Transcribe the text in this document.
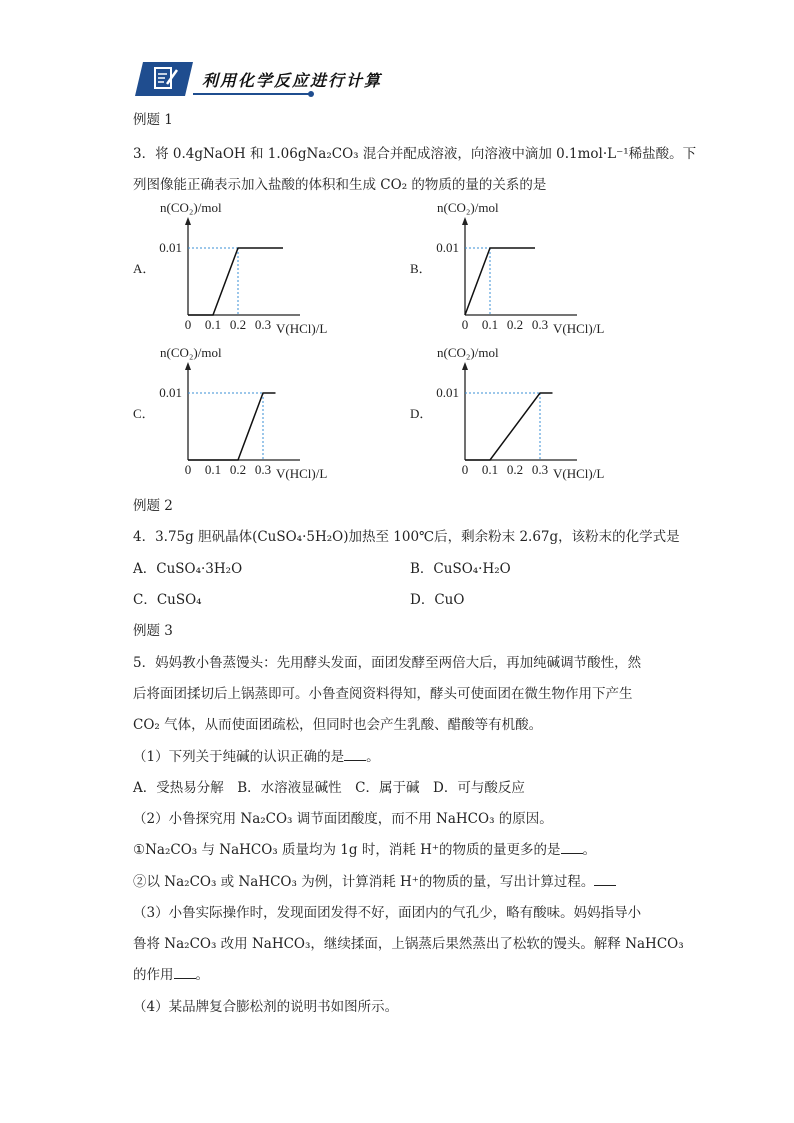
利用化学反应进行计算
例题 1
3．将 0.4gNaOH 和 1.06gNa₂CO₃ 混合并配成溶液，向溶液中滴加 0.1mol·L⁻¹稀盐酸。下
列图像能正确表示加入盐酸的体积和生成 CO₂ 的物质的量的关系的是
A．
n(CO₂)/mol
V(HCl)/L
0 0.1 0.2 0.3
0.01
B．
n(CO₂)/mol
V(HCl)/L
0 0.1 0.2 0.3
0.01
C．
n(CO₂)/mol
V(HCl)/L
0 0.1 0.2 0.3
0.01
D．
n(CO₂)/mol
V(HCl)/L
0 0.1 0.2 0.3
0.01
例题 2
4．3.75g 胆矾晶体(CuSO₄·5H₂O)加热至 100℃后，剩余粉末 2.67g，该粉末的化学式是
A．CuSO₄·3H₂O	B．CuSO₄·H₂O
C．CuSO₄	D．CuO
例题 3
5．妈妈教小鲁蒸馒头：先用酵头发面，面团发酵至两倍大后，再加纯碱调节酸性，然
后将面团揉切后上锅蒸即可。小鲁查阅资料得知，酵头可使面团在微生物作用下产生
CO₂ 气体，从而使面团疏松，但同时也会产生乳酸、醋酸等有机酸。
（1）下列关于纯碱的认识正确的是 。
A．受热易分解　B．水溶液显碱性　C．属于碱　D．可与酸反应
（2）小鲁探究用 Na₂CO₃ 调节面团酸度，而不用 NaHCO₃ 的原因。
①Na₂CO₃ 与 NaHCO₃ 质量均为 1g 时，消耗 H⁺的物质的量更多的是 。
②以 Na₂CO₃ 或 NaHCO₃ 为例，计算消耗 H⁺的物质的量，写出计算过程。
（3）小鲁实际操作时，发现面团发得不好，面团内的气孔少，略有酸味。妈妈指导小
鲁将 Na₂CO₃ 改用 NaHCO₃，继续揉面，上锅蒸后果然蒸出了松软的馒头。解释 NaHCO₃
的作用 。
（4）某品牌复合膨松剂的说明书如图所示。
